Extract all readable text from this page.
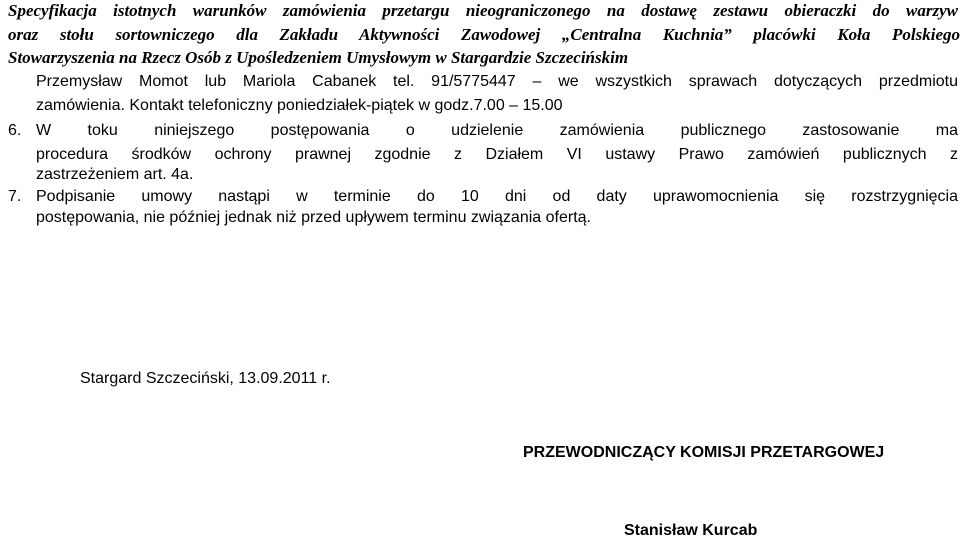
Specyfikacja istotnych warunków zamówienia przetargu nieograniczonego na dostawę zestawu obieraczki do warzyw
oraz stołu sortowniczego dla Zakładu Aktywności Zawodowej „Centralna Kuchnia” placówki Koła Polskiego
Stowarzyszenia na Rzecz Osób z Upośledzeniem Umysłowym w Stargardzie Szczecińskim
Przemysław Momot lub Mariola Cabanek tel. 91/5775447 – we wszystkich sprawach dotyczących przedmiotu
zamówienia. Kontakt telefoniczny poniedziałek-piątek w godz.7.00 – 15.00
6. W toku niniejszego postępowania o udzielenie zamówienia publicznego zastosowanie ma
procedura środków ochrony prawnej zgodnie z Działem VI ustawy Prawo zamówień publicznych z
zastrzeżeniem art. 4a.
7. Podpisanie umowy nastąpi w terminie do 10 dni od daty uprawomocnienia się rozstrzygnięcia
postępowania, nie później jednak niż przed upływem terminu związania ofertą.
Stargard Szczeciński, 13.09.2011 r.
PRZEWODNICZĄCY KOMISJI PRZETARGOWEJ
Stanisław Kurcab
